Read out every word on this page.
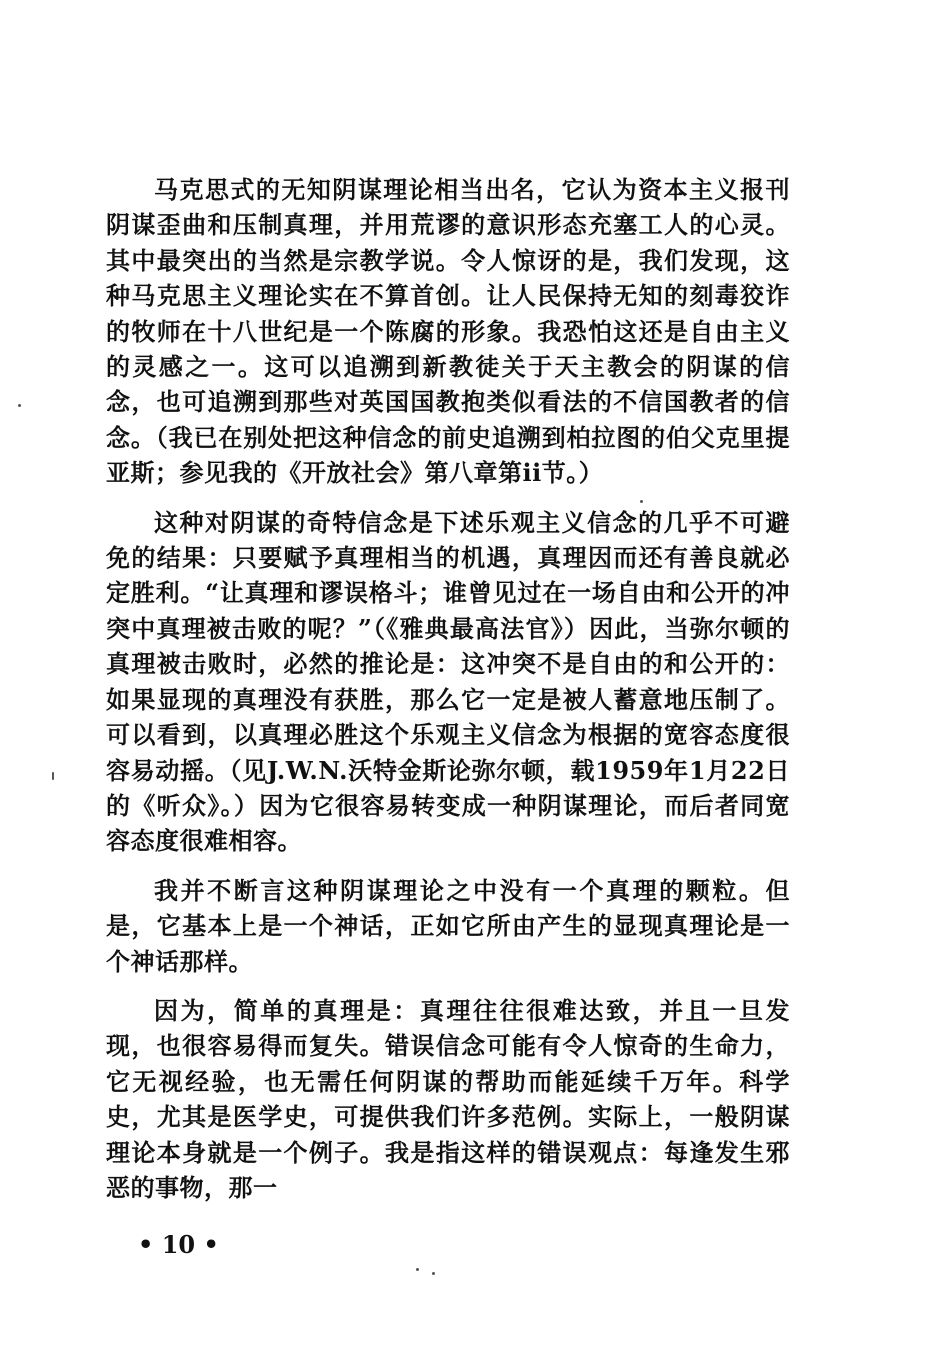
马克思式的无知阴谋理论相当出名，它认为资本主义报刊阴谋歪曲和压制真理，并用荒谬的意识形态充塞工人的心灵。其中最突出的当然是宗教学说。令人惊讶的是，我们发现，这种马克思主义理论实在不算首创。让人民保持无知的刻毒狡诈的牧师在十八世纪是一个陈腐的形象。我恐怕这还是自由主义的灵感之一。这可以追溯到新教徒关于天主教会的阴谋的信念，也可追溯到那些对英国国教抱类似看法的不信国教者的信念。（我已在别处把这种信念的前史追溯到柏拉图的伯父克里提亚斯；参见我的《开放社会》第八章第ii节。）

这种对阴谋的奇特信念是下述乐观主义信念的几乎不可避免的结果：只要赋予真理相当的机遇，真理因而还有善良就必定胜利。“让真理和谬误格斗；谁曾见过在一场自由和公开的冲突中真理被击败的呢？”（《雅典最高法官》）因此，当弥尔顿的真理被击败时，必然的推论是：这冲突不是自由的和公开的：如果显现的真理没有获胜，那么它一定是被人蓄意地压制了。可以看到，以真理必胜这个乐观主义信念为根据的宽容态度很容易动摇。（见J.W.N.沃特金斯论弥尔顿，载1959年1月22日的《听众》。）因为它很容易转变成一种阴谋理论，而后者同宽容态度很难相容。

我并不断言这种阴谋理论之中没有一个真理的颗粒。但是，它基本上是一个神话，正如它所由产生的显现真理论是一个神话那样。

因为，简单的真理是：真理往往很难达致，并且一旦发现，也很容易得而复失。错误信念可能有令人惊奇的生命力，它无视经验，也无需任何阴谋的帮助而能延续千万年。科学史，尤其是医学史，可提供我们许多范例。实际上，一般阴谋理论本身就是一个例子。我是指这样的错误观点：每逢发生邪恶的事物，那一

• 10 •
